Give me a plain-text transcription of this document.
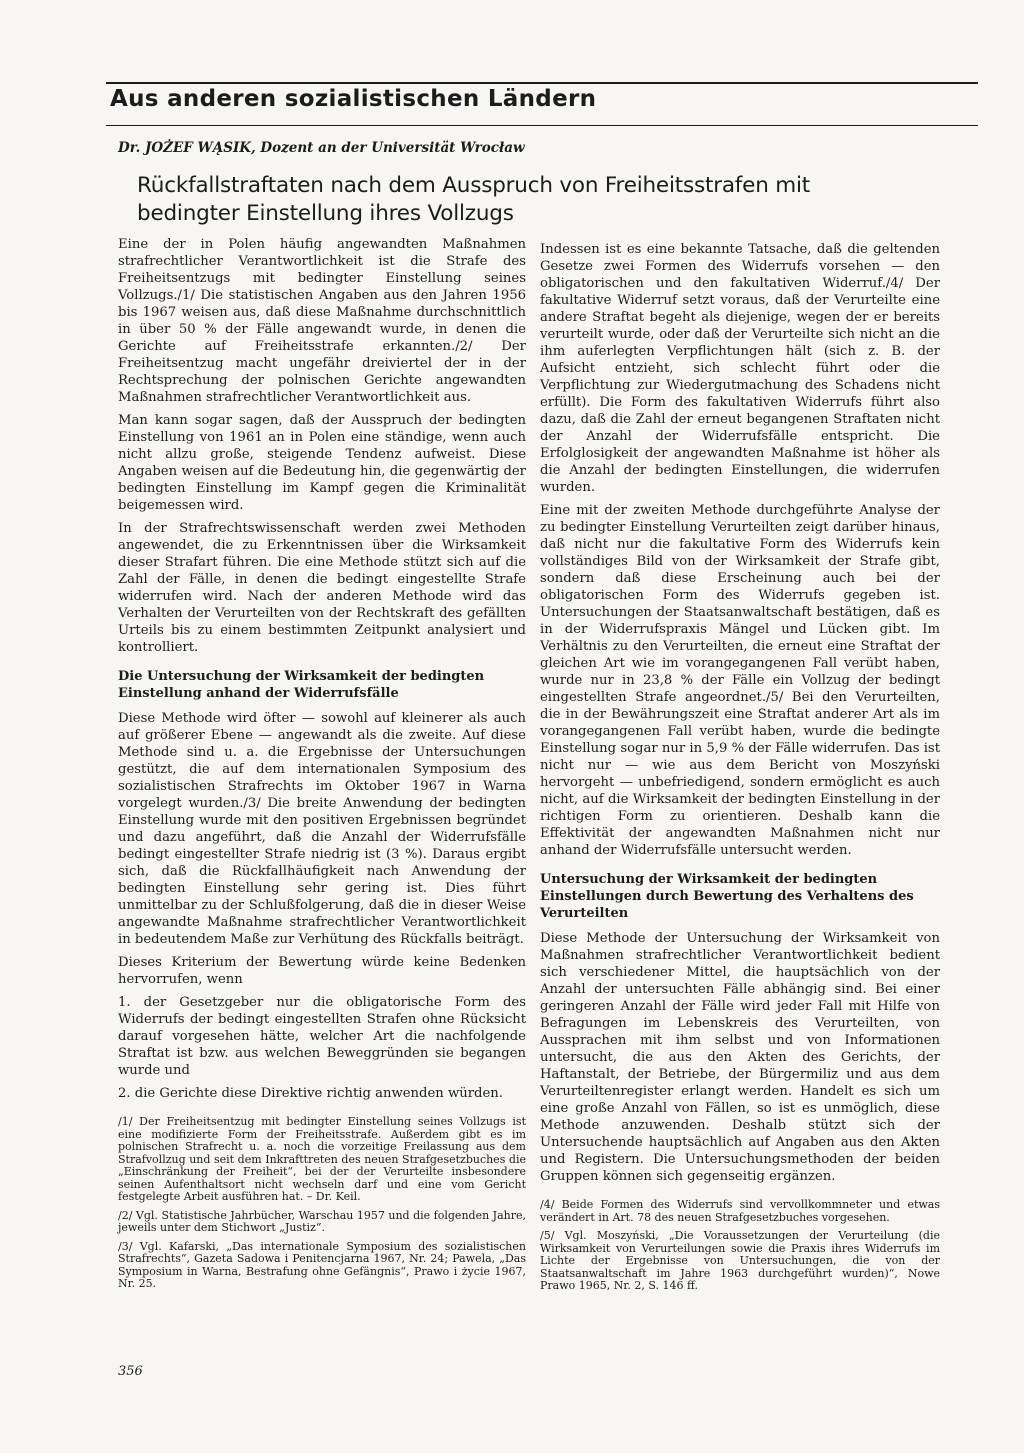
Aus anderen sozialistischen Ländern

Dr. JOŻEF WĄSIK, Dozent an der Universität Wrocław

Rückfallstraftaten nach dem Ausspruch von Freiheitsstrafen mit bedingter Einstellung ihres Vollzugs

Eine der in Polen häufig angewandten Maßnahmen strafrechtlicher Verantwortlichkeit ist die Strafe des Freiheitsentzugs mit bedingter Einstellung seines Vollzugs./1/ Die statistischen Angaben aus den Jahren 1956 bis 1967 weisen aus, daß diese Maßnahme durchschnittlich in über 50 % der Fälle angewandt wurde, in denen die Gerichte auf Freiheitsstrafe erkannten./2/ Der Freiheitsentzug macht ungefähr dreiviertel der in der Rechtsprechung der polnischen Gerichte angewandten Maßnahmen strafrechtlicher Verantwortlichkeit aus.

Man kann sogar sagen, daß der Ausspruch der bedingten Einstellung von 1961 an in Polen eine ständige, wenn auch nicht allzu große, steigende Tendenz aufweist. Diese Angaben weisen auf die Bedeutung hin, die gegenwärtig der bedingten Einstellung im Kampf gegen die Kriminalität beigemessen wird.

In der Strafrechtswissenschaft werden zwei Methoden angewendet, die zu Erkenntnissen über die Wirksamkeit dieser Strafart führen. Die eine Methode stützt sich auf die Zahl der Fälle, in denen die bedingt eingestellte Strafe widerrufen wird. Nach der anderen Methode wird das Verhalten der Verurteilten von der Rechtskraft des gefällten Urteils bis zu einem bestimmten Zeitpunkt analysiert und kontrolliert.

Die Untersuchung der Wirksamkeit der bedingten Einstellung anhand der Widerrufsfälle

Diese Methode wird öfter — sowohl auf kleinerer als auch auf größerer Ebene — angewandt als die zweite. Auf diese Methode sind u. a. die Ergebnisse der Untersuchungen gestützt, die auf dem internationalen Symposium des sozialistischen Strafrechts im Oktober 1967 in Warna vorgelegt wurden./3/ Die breite Anwendung der bedingten Einstellung wurde mit den positiven Ergebnissen begründet und dazu angeführt, daß die Anzahl der Widerrufsfälle bedingt eingestellter Strafe niedrig ist (3 %). Daraus ergibt sich, daß die Rückfallhäufigkeit nach Anwendung der bedingten Einstellung sehr gering ist. Dies führt unmittelbar zu der Schlußfolgerung, daß die in dieser Weise angewandte Maßnahme strafrechtlicher Verantwortlichkeit in bedeutendem Maße zur Verhütung des Rückfalls beiträgt.

Dieses Kriterium der Bewertung würde keine Bedenken hervorrufen, wenn

1. der Gesetzgeber nur die obligatorische Form des Widerrufs der bedingt eingestellten Strafen ohne Rücksicht darauf vorgesehen hätte, welcher Art die nachfolgende Straftat ist bzw. aus welchen Beweggründen sie begangen wurde und

2. die Gerichte diese Direktive richtig anwenden würden.

/1/ Der Freiheitsentzug mit bedingter Einstellung seines Vollzugs ist eine modifizierte Form der Freiheitsstrafe. Außerdem gibt es im polnischen Strafrecht u. a. noch die vorzeitige Freilassung aus dem Strafvollzug und seit dem Inkrafttreten des neuen Strafgesetzbuches die „Einschränkung der Freiheit“, bei der der Verurteilte insbesondere seinen Aufenthaltsort nicht wechseln darf und eine vom Gericht festgelegte Arbeit ausführen hat. – Dr. Keil.

/2/ Vgl. Statistische Jahrbücher, Warschau 1957 und die folgenden Jahre, jeweils unter dem Stichwort „Justiz“.

/3/ Vgl. Kafarski, „Das internationale Symposium des sozialistischen Strafrechts“, Gazeta Sadowa i Penitencjarna 1967, Nr. 24; Pawela, „Das Symposium in Warna, Bestrafung ohne Gefängnis“, Prawo i życie 1967, Nr. 25.

Indessen ist es eine bekannte Tatsache, daß die geltenden Gesetze zwei Formen des Widerrufs vorsehen — den obligatorischen und den fakultativen Widerruf./4/ Der fakultative Widerruf setzt voraus, daß der Verurteilte eine andere Straftat begeht als diejenige, wegen der er bereits verurteilt wurde, oder daß der Verurteilte sich nicht an die ihm auferlegten Verpflichtungen hält (sich z. B. der Aufsicht entzieht, sich schlecht führt oder die Verpflichtung zur Wiedergutmachung des Schadens nicht erfüllt). Die Form des fakultativen Widerrufs führt also dazu, daß die Zahl der erneut begangenen Straftaten nicht der Anzahl der Widerrufsfälle entspricht. Die Erfolglosigkeit der angewandten Maßnahme ist höher als die Anzahl der bedingten Einstellungen, die widerrufen wurden.

Eine mit der zweiten Methode durchgeführte Analyse der zu bedingter Einstellung Verurteilten zeigt darüber hinaus, daß nicht nur die fakultative Form des Widerrufs kein vollständiges Bild von der Wirksamkeit der Strafe gibt, sondern daß diese Erscheinung auch bei der obligatorischen Form des Widerrufs gegeben ist. Untersuchungen der Staatsanwaltschaft bestätigen, daß es in der Widerrufspraxis Mängel und Lücken gibt. Im Verhältnis zu den Verurteilten, die erneut eine Straftat der gleichen Art wie im vorangegangenen Fall verübt haben, wurde nur in 23,8 % der Fälle ein Vollzug der bedingt eingestellten Strafe angeordnet./5/ Bei den Verurteilten, die in der Bewährungszeit eine Straftat anderer Art als im vorangegangenen Fall verübt haben, wurde die bedingte Einstellung sogar nur in 5,9 % der Fälle widerrufen. Das ist nicht nur — wie aus dem Bericht von Moszyński hervorgeht — unbefriedigend, sondern ermöglicht es auch nicht, auf die Wirksamkeit der bedingten Einstellung in der richtigen Form zu orientieren. Deshalb kann die Effektivität der angewandten Maßnahmen nicht nur anhand der Widerrufsfälle untersucht werden.

Untersuchung der Wirksamkeit der bedingten Einstellungen durch Bewertung des Verhaltens des Verurteilten

Diese Methode der Untersuchung der Wirksamkeit von Maßnahmen strafrechtlicher Verantwortlichkeit bedient sich verschiedener Mittel, die hauptsächlich von der Anzahl der untersuchten Fälle abhängig sind. Bei einer geringeren Anzahl der Fälle wird jeder Fall mit Hilfe von Befragungen im Lebenskreis des Verurteilten, von Aussprachen mit ihm selbst und von Informationen untersucht, die aus den Akten des Gerichts, der Haftanstalt, der Betriebe, der Bürgermiliz und aus dem Verurteiltenregister erlangt werden. Handelt es sich um eine große Anzahl von Fällen, so ist es unmöglich, diese Methode anzuwenden. Deshalb stützt sich der Untersuchende hauptsächlich auf Angaben aus den Akten und Registern. Die Untersuchungsmethoden der beiden Gruppen können sich gegenseitig ergänzen.

/4/ Beide Formen des Widerrufs sind vervollkommneter und etwas verändert in Art. 78 des neuen Strafgesetzbuches vorgesehen.

/5/ Vgl. Moszyński, „Die Voraussetzungen der Verurteilung (die Wirksamkeit von Verurteilungen sowie die Praxis ihres Widerrufs im Lichte der Ergebnisse von Untersuchungen, die von der Staatsanwaltschaft im Jahre 1963 durchgeführt wurden)“, Nowe Prawo 1965, Nr. 2, S. 146 ff.

356
